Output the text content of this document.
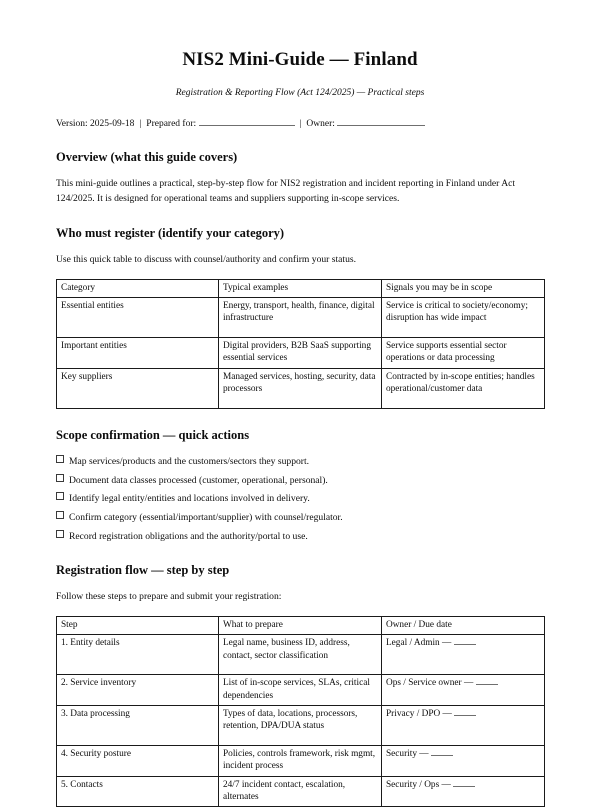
NIS2 Mini-Guide — Finland
Registration & Reporting Flow (Act 124/2025) — Practical steps
Version: 2025-09-18 | Prepared for:	| Owner:
Overview (what this guide covers)

This mini-guide outlines a practical, step-by-step flow for NIS2 registration and incident reporting in Finland under Act 124/2025. It is designed for operational teams and suppliers supporting in-scope services.

Who must register (identify your category)

Use this quick table to discuss with counsel/authority and confirm your status.

Category	Typical examples	Signals you may be in scope
Essential entities	Energy, transport, health, finance, digital infrastructure	Service is critical to society/economy; disruption has wide impact
Important entities	Digital providers, B2B SaaS supporting essential services	Service supports essential sector operations or data processing
Key suppliers	Managed services, hosting, security, data processors	Contracted by in-scope entities; handles operational/customer data
Scope confirmation — quick actions
Map services/products and the customers/sectors they support.
Document data classes processed (customer, operational, personal).
Identify legal entity/entities and locations involved in delivery.
Confirm category (essential/important/supplier) with counsel/regulator.
Record registration obligations and the authority/portal to use.
Registration flow — step by step

Follow these steps to prepare and submit your registration:

Step	What to prepare	Owner / Due date
1. Entity details	Legal name, business ID, address, contact, sector classification	Legal / Admin —
2. Service inventory	List of in-scope services, SLAs, critical dependencies	Ops / Service owner —
3. Data processing	Types of data, locations, processors, retention, DPA/DUA status	Privacy / DPO —
4. Security posture	Policies, controls framework, risk mgmt, incident process	Security —
5. Contacts	24/7 incident contact, escalation, alternates	Security / Ops —
